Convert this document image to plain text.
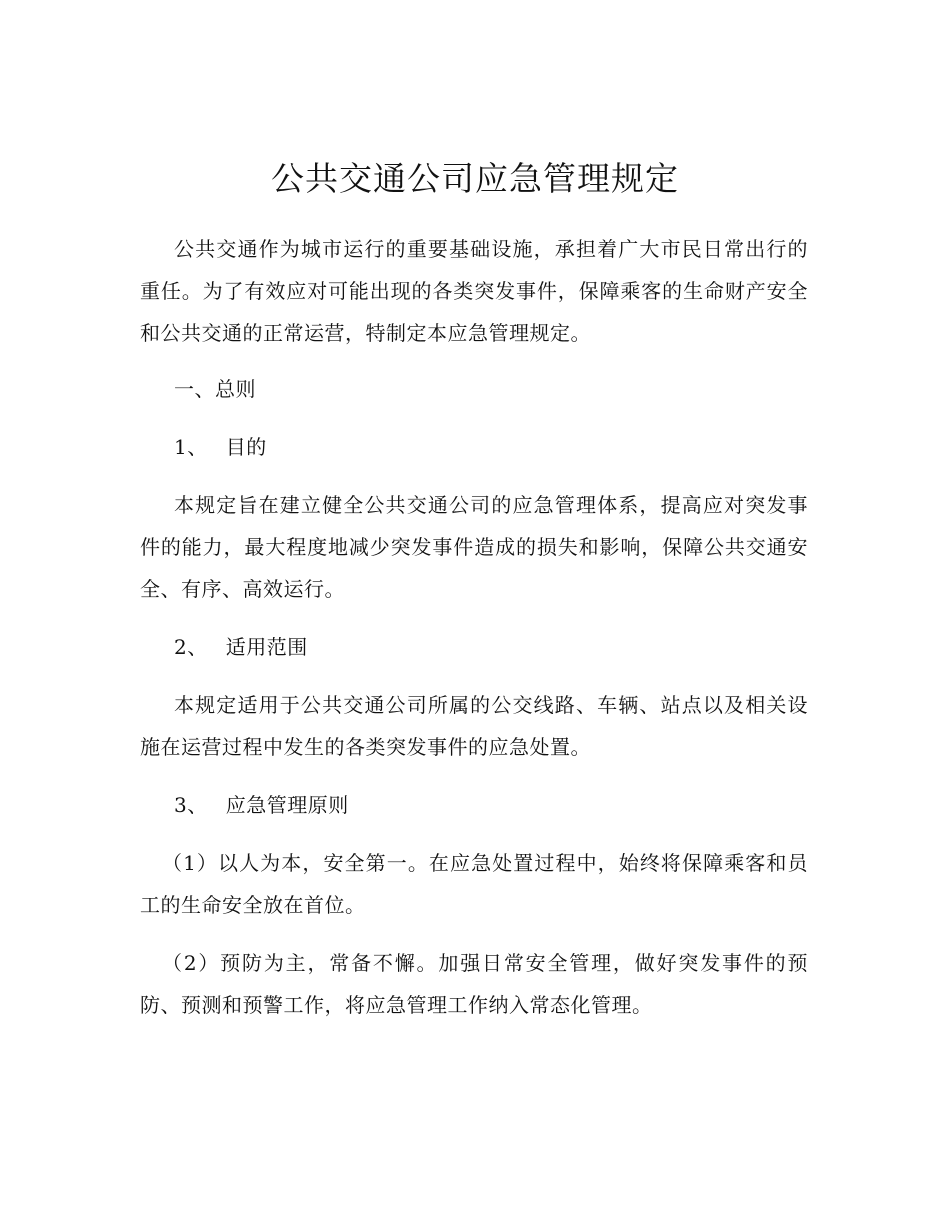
公共交通公司应急管理规定

公共交通作为城市运行的重要基础设施，承担着广大市民日常出行的重任。为了有效应对可能出现的各类突发事件，保障乘客的生命财产安全和公共交通的正常运营，特制定本应急管理规定。

一、总则

1、 目的

本规定旨在建立健全公共交通公司的应急管理体系，提高应对突发事件的能力，最大程度地减少突发事件造成的损失和影响，保障公共交通安全、有序、高效运行。

2、 适用范围

本规定适用于公共交通公司所属的公交线路、车辆、站点以及相关设施在运营过程中发生的各类突发事件的应急处置。

3、 应急管理原则

（1）以人为本，安全第一。在应急处置过程中，始终将保障乘客和员工的生命安全放在首位。

（2）预防为主，常备不懈。加强日常安全管理，做好突发事件的预防、预测和预警工作，将应急管理工作纳入常态化管理。
